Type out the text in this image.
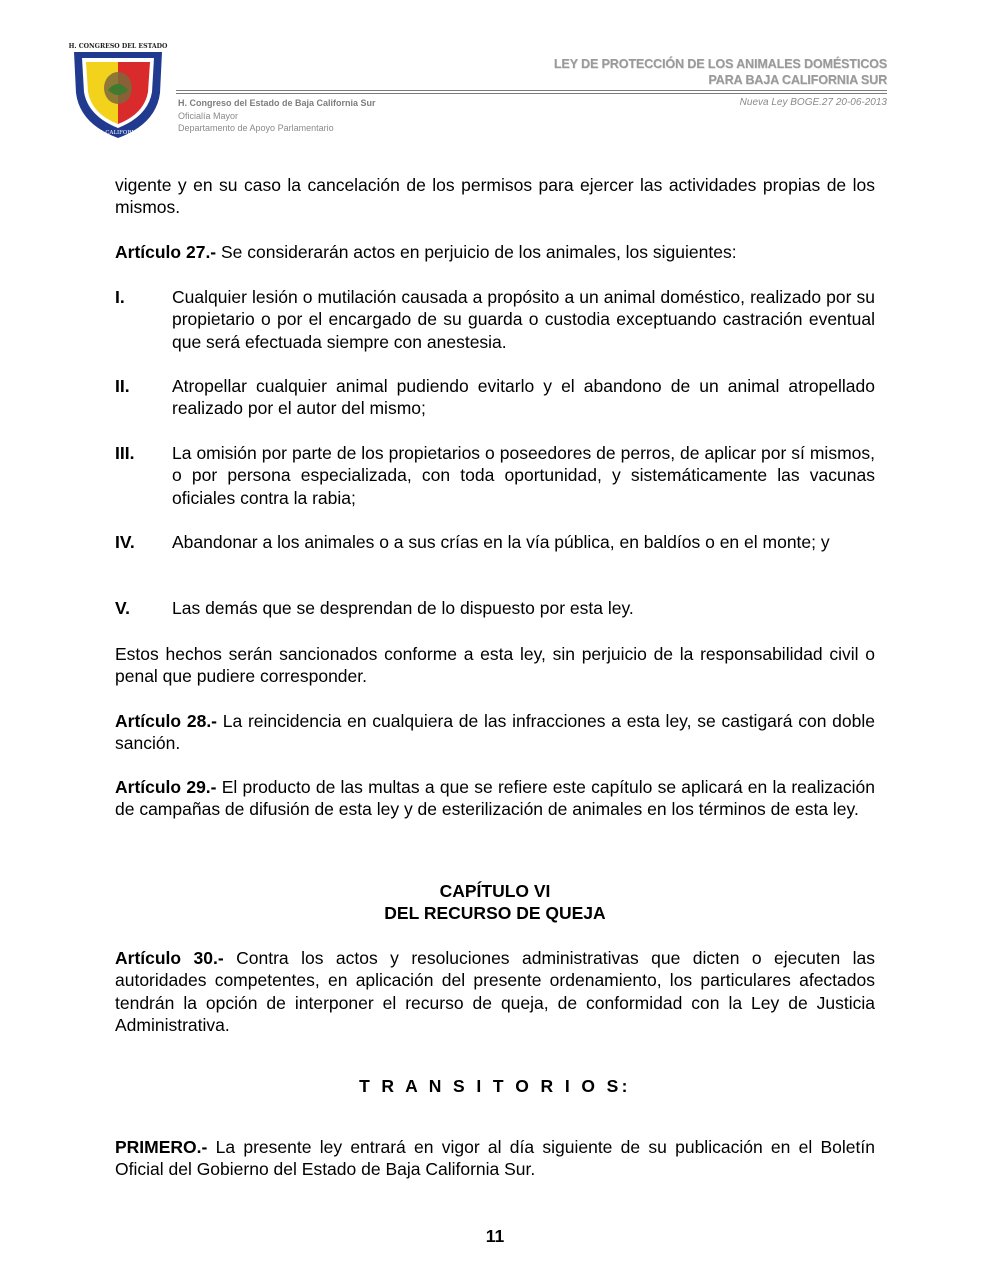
H. CONGRESO DEL ESTADO
DE BAJA CALIFORNIA SUR
LEY DE PROTECCIÓN DE LOS ANIMALES DOMÉSTICOS
PARA BAJA CALIFORNIA SUR
H. Congreso del Estado de Baja California Sur
Oficialía Mayor
Departamento de Apoyo Parlamentario
Nueva Ley BOGE.27 20-06-2013

vigente y en su caso la cancelación de los permisos para ejercer las actividades propias de los mismos.

Artículo 27.- Se considerarán actos en perjuicio de los animales, los siguientes:

I.	Cualquier lesión o mutilación causada a propósito a un animal doméstico, realizado por su propietario o por el encargado de su guarda o custodia exceptuando castración eventual que será efectuada siempre con anestesia.
II. Atropellar cualquier animal pudiendo evitarlo y el abandono de un animal atropellado realizado por el autor del mismo;
III. La omisión por parte de los propietarios o poseedores de perros, de aplicar por sí mismos, o por persona especializada, con toda oportunidad, y sistemáticamente las vacunas oficiales contra la rabia;
IV. Abandonar a los animales o a sus crías en la vía pública, en baldíos o en el monte; y
V. Las demás que se desprendan de lo dispuesto por esta ley.

Estos hechos serán sancionados conforme a esta ley, sin perjuicio de la responsabilidad civil o penal que pudiere corresponder.

Artículo 28.- La reincidencia en cualquiera de las infracciones a esta ley, se castigará con doble sanción.

Artículo 29.- El producto de las multas a que se refiere este capítulo se aplicará en la realización de campañas de difusión de esta ley y de esterilización de animales en los términos de esta ley.

CAPÍTULO VI
DEL RECURSO DE QUEJA

Artículo 30.- Contra los actos y resoluciones administrativas que dicten o ejecuten las autoridades competentes, en aplicación del presente ordenamiento, los particulares afectados tendrán la opción de interponer el recurso de queja, de conformidad con la Ley de Justicia Administrativa.

T R A N S I T O R I O S:

PRIMERO.- La presente ley entrará en vigor al día siguiente de su publicación en el Boletín Oficial del Gobierno del Estado de Baja California Sur.

11
